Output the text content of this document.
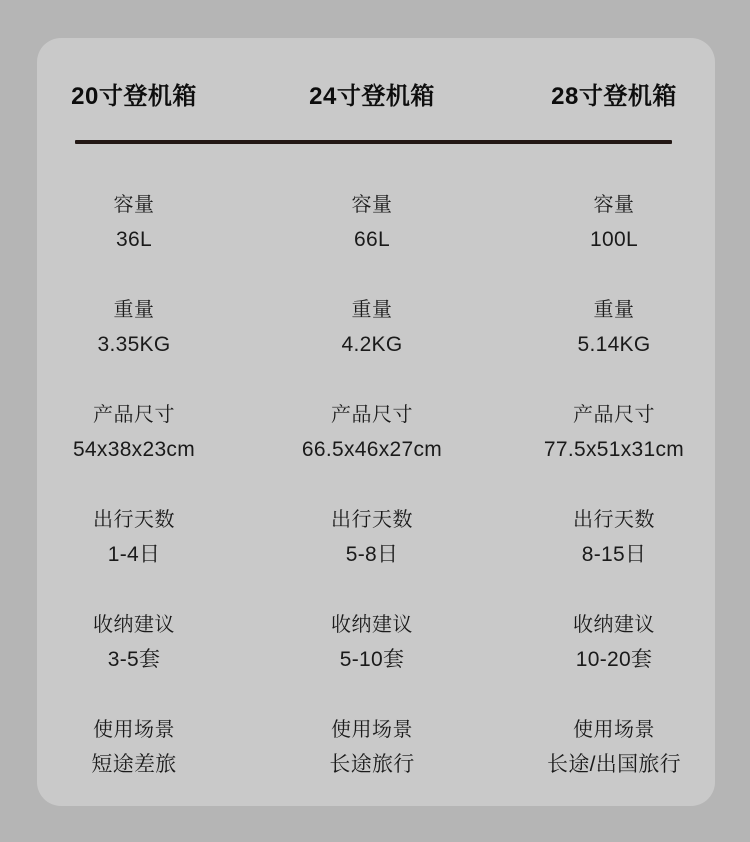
20寸登机箱	24寸登机箱	28寸登机箱
容量
36L
容量
66L
容量
100L
重量
3.35KG
重量
4.2KG
重量
5.14KG
产品尺寸
54x38x23cm
产品尺寸
66.5x46x27cm
产品尺寸
77.5x51x31cm
出行天数
1-4日
出行天数
5-8日
出行天数
8-15日
收纳建议
3-5套
收纳建议
5-10套
收纳建议
10-20套
使用场景
短途差旅
使用场景
长途旅行
使用场景
长途/出国旅行
